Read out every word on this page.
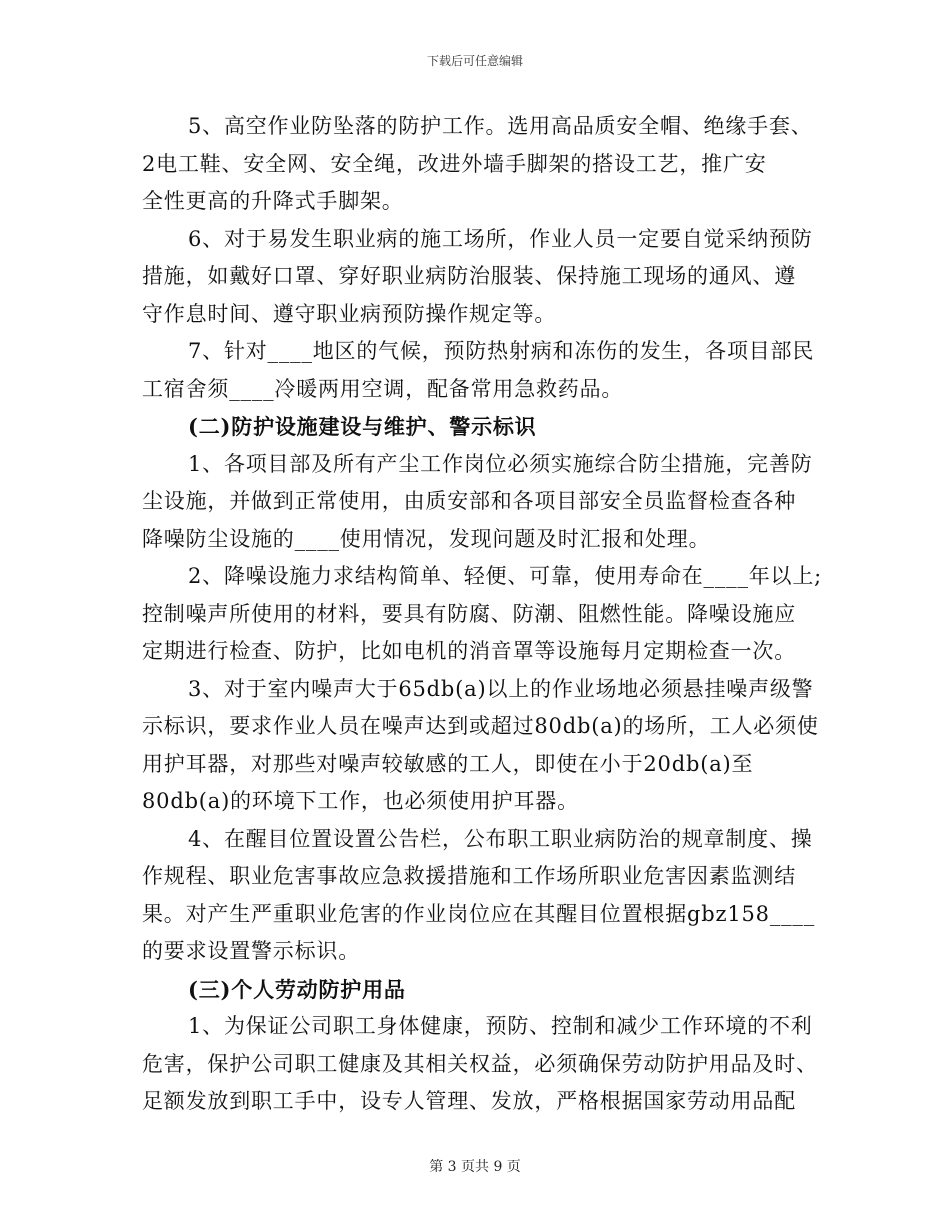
下载后可任意编辑
5、高空作业防坠落的防护工作。选用高品质安全帽、绝缘手套、
2电工鞋、安全网、安全绳，改进外墙手脚架的搭设工艺，推广安
全性更高的升降式手脚架。
6、对于易发生职业病的施工场所，作业人员一定要自觉采纳预防
措施，如戴好口罩、穿好职业病防治服装、保持施工现场的通风、遵
守作息时间、遵守职业病预防操作规定等。
7、针对____地区的气候，预防热射病和冻伤的发生，各项目部民
工宿舍须____冷暖两用空调，配备常用急救药品。
(二)防护设施建设与维护、警示标识
1、各项目部及所有产尘工作岗位必须实施综合防尘措施，完善防
尘设施，并做到正常使用，由质安部和各项目部安全员监督检查各种
降噪防尘设施的____使用情况，发现问题及时汇报和处理。
2、降噪设施力求结构简单、轻便、可靠，使用寿命在____年以上;
控制噪声所使用的材料，要具有防腐、防潮、阻燃性能。降噪设施应
定期进行检查、防护，比如电机的消音罩等设施每月定期检查一次。
3、对于室内噪声大于65db(a)以上的作业场地必须悬挂噪声级警
示标识，要求作业人员在噪声达到或超过80db(a)的场所，工人必须使
用护耳器，对那些对噪声较敏感的工人，即使在小于20db(a)至
80db(a)的环境下工作，也必须使用护耳器。
4、在醒目位置设置公告栏，公布职工职业病防治的规章制度、操
作规程、职业危害事故应急救援措施和工作场所职业危害因素监测结
果。对产生严重职业危害的作业岗位应在其醒目位置根据gbz158____
的要求设置警示标识。
(三)个人劳动防护用品
1、为保证公司职工身体健康，预防、控制和减少工作环境的不利
危害，保护公司职工健康及其相关权益，必须确保劳动防护用品及时、
足额发放到职工手中，设专人管理、发放，严格根据国家劳动用品配
第 3 页共 9 页
